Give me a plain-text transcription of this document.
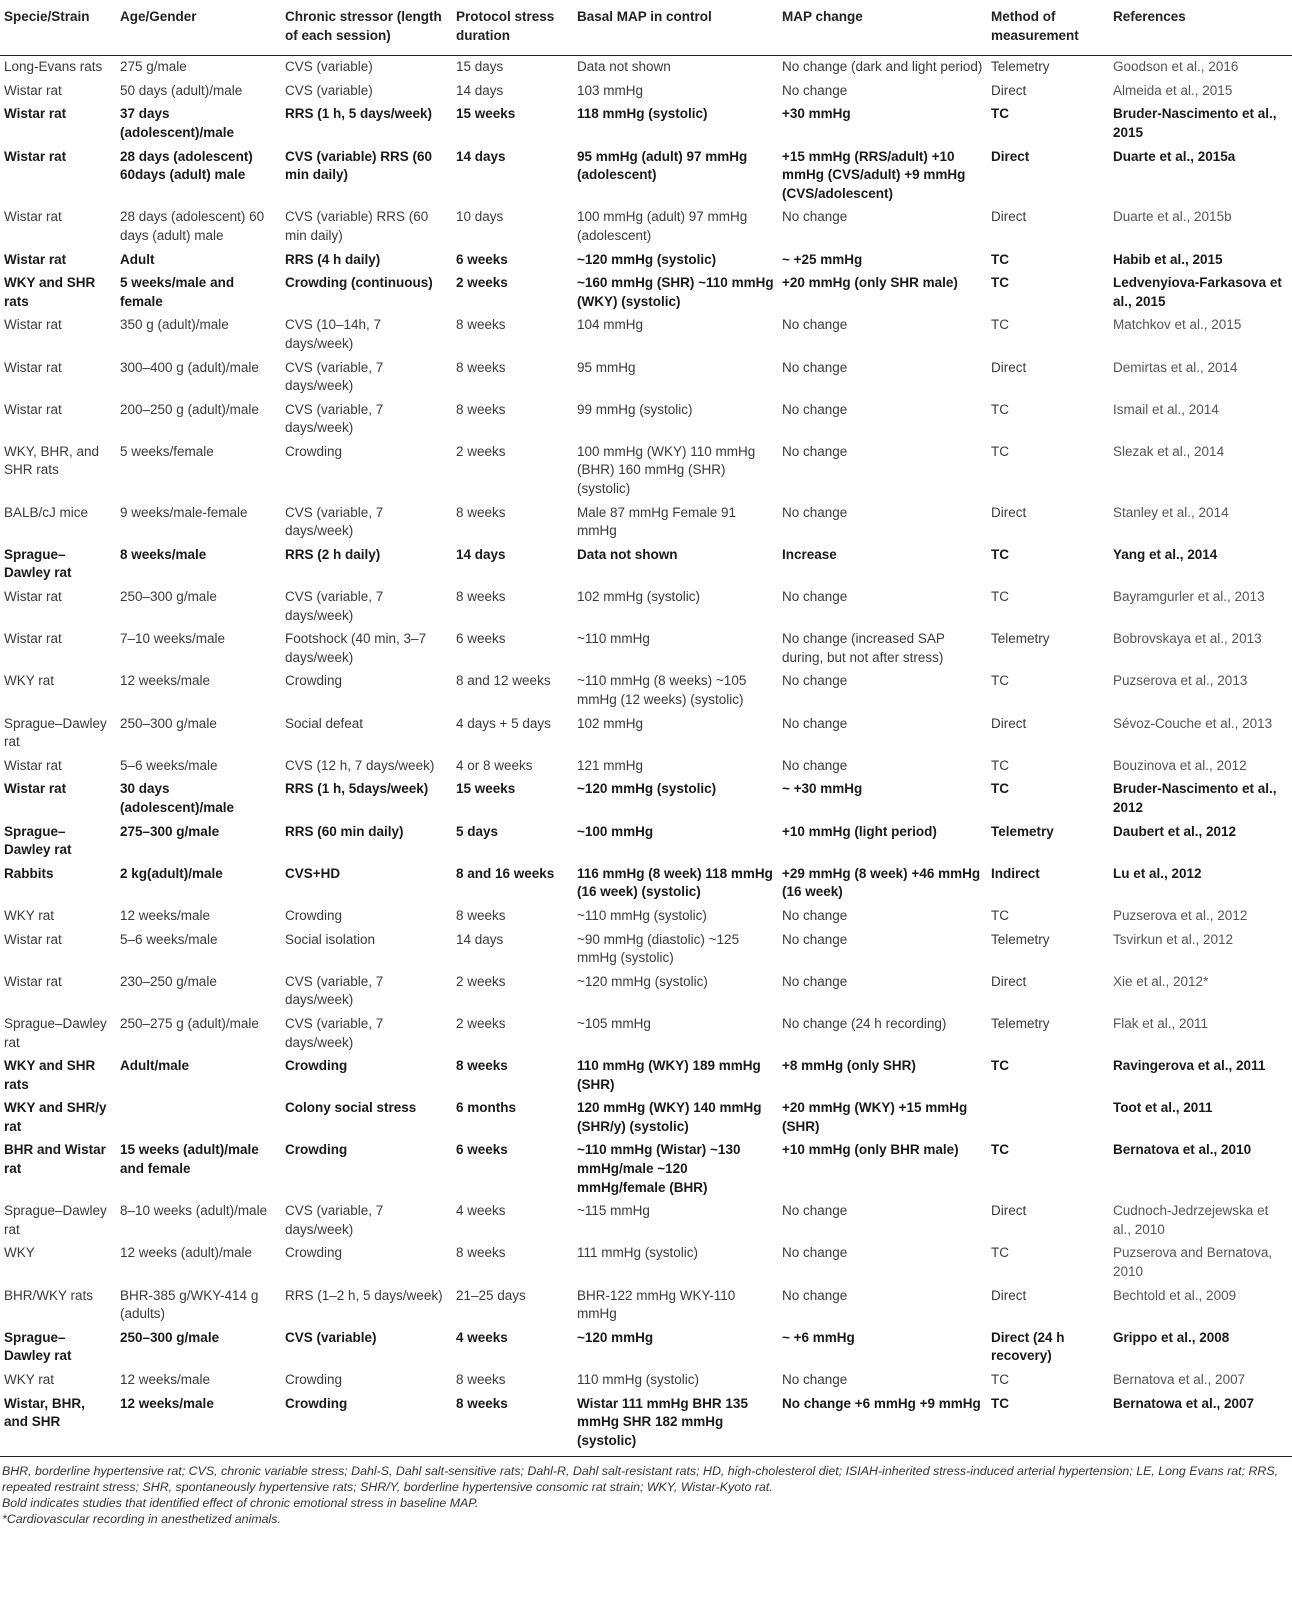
Specie/Strain	Age/Gender	Chronic stressor (length of each session)	Protocol stress duration	Basal MAP in control	MAP change	Method of measurement	References
Long-Evans rats	275 g/male	CVS (variable)	15 days	Data not shown	No change (dark and light period)	Telemetry	Goodson et al., 2016
Wistar rat	50 days (adult)/male	CVS (variable)	14 days	103 mmHg	No change	Direct	Almeida et al., 2015
Wistar rat	37 days (adolescent)/male	RRS (1 h, 5 days/week)	15 weeks	118 mmHg (systolic)	+30 mmHg	TC	Bruder-Nascimento et al., 2015
Wistar rat	28 days (adolescent) 60days (adult) male	CVS (variable) RRS (60 min daily)	14 days	95 mmHg (adult) 97 mmHg (adolescent)	+15 mmHg (RRS/adult) +10 mmHg (CVS/adult) +9 mmHg (CVS/adolescent)	Direct	Duarte et al., 2015a
Wistar rat	28 days (adolescent) 60 days (adult) male	CVS (variable) RRS (60 min daily)	10 days	100 mmHg (adult) 97 mmHg (adolescent)	No change	Direct	Duarte et al., 2015b
Wistar rat	Adult	RRS (4 h daily)	6 weeks	~120 mmHg (systolic)	~ +25 mmHg	TC	Habib et al., 2015
WKY and SHR rats	5 weeks/male and female	Crowding (continuous)	2 weeks	~160 mmHg (SHR) ~110 mmHg (WKY) (systolic)	+20 mmHg (only SHR male)	TC	Ledvenyiova-Farkasova et al., 2015
Wistar rat	350 g (adult)/male	CVS (10–14h, 7 days/week)	8 weeks	104 mmHg	No change	TC	Matchkov et al., 2015
Wistar rat	300–400 g (adult)/male	CVS (variable, 7 days/week)	8 weeks	95 mmHg	No change	Direct	Demirtas et al., 2014
Wistar rat	200–250 g (adult)/male	CVS (variable, 7 days/week)	8 weeks	99 mmHg (systolic)	No change	TC	Ismail et al., 2014
WKY, BHR, and SHR rats	5 weeks/female	Crowding	2 weeks	100 mmHg (WKY) 110 mmHg (BHR) 160 mmHg (SHR) (systolic)	No change	TC	Slezak et al., 2014
BALB/cJ mice	9 weeks/male-female	CVS (variable, 7 days/week)	8 weeks	Male 87 mmHg Female 91 mmHg	No change	Direct	Stanley et al., 2014
Sprague–Dawley rat	8 weeks/male	RRS (2 h daily)	14 days	Data not shown	Increase	TC	Yang et al., 2014
Wistar rat	250–300 g/male	CVS (variable, 7 days/week)	8 weeks	102 mmHg (systolic)	No change	TC	Bayramgurler et al., 2013
Wistar rat	7–10 weeks/male	Footshock (40 min, 3–7 days/week)	6 weeks	~110 mmHg	No change (increased SAP during, but not after stress)	Telemetry	Bobrovskaya et al., 2013
WKY rat	12 weeks/male	Crowding	8 and 12 weeks	~110 mmHg (8 weeks) ~105 mmHg (12 weeks) (systolic)	No change	TC	Puzserova et al., 2013
Sprague–Dawley rat	250–300 g/male	Social defeat	4 days + 5 days	102 mmHg	No change	Direct	Sévoz-Couche et al., 2013
Wistar rat	5–6 weeks/male	CVS (12 h, 7 days/week)	4 or 8 weeks	121 mmHg	No change	TC	Bouzinova et al., 2012
Wistar rat	30 days (adolescent)/male	RRS (1 h, 5days/week)	15 weeks	~120 mmHg (systolic)	~ +30 mmHg	TC	Bruder-Nascimento et al., 2012
Sprague–Dawley rat	275–300 g/male	RRS (60 min daily)	5 days	~100 mmHg	+10 mmHg (light period)	Telemetry	Daubert et al., 2012
Rabbits	2 kg(adult)/male	CVS+HD	8 and 16 weeks	116 mmHg (8 week) 118 mmHg (16 week) (systolic)	+29 mmHg (8 week) +46 mmHg (16 week)	Indirect	Lu et al., 2012
WKY rat	12 weeks/male	Crowding	8 weeks	~110 mmHg (systolic)	No change	TC	Puzserova et al., 2012
Wistar rat	5–6 weeks/male	Social isolation	14 days	~90 mmHg (diastolic) ~125 mmHg (systolic)	No change	Telemetry	Tsvirkun et al., 2012
Wistar rat	230–250 g/male	CVS (variable, 7 days/week)	2 weeks	~120 mmHg (systolic)	No change	Direct	Xie et al., 2012*
Sprague–Dawley rat	250–275 g (adult)/male	CVS (variable, 7 days/week)	2 weeks	~105 mmHg	No change (24 h recording)	Telemetry	Flak et al., 2011
WKY and SHR rats	Adult/male	Crowding	8 weeks	110 mmHg (WKY) 189 mmHg (SHR)	+8 mmHg (only SHR)	TC	Ravingerova et al., 2011
WKY and SHR/y rat		Colony social stress	6 months	120 mmHg (WKY) 140 mmHg (SHR/y) (systolic)	+20 mmHg (WKY) +15 mmHg (SHR)		Toot et al., 2011
BHR and Wistar rat	15 weeks (adult)/male and female	Crowding	6 weeks	~110 mmHg (Wistar) ~130 mmHg/male ~120 mmHg/female (BHR)	+10 mmHg (only BHR male)	TC	Bernatova et al., 2010
Sprague–Dawley rat	8–10 weeks (adult)/male	CVS (variable, 7 days/week)	4 weeks	~115 mmHg	No change	Direct	Cudnoch-Jedrzejewska et al., 2010
WKY	12 weeks (adult)/male	Crowding	8 weeks	111 mmHg (systolic)	No change	TC	Puzserova and Bernatova, 2010
BHR/WKY rats	BHR-385 g/WKY-414 g (adults)	RRS (1–2 h, 5 days/week)	21–25 days	BHR-122 mmHg WKY-110 mmHg	No change	Direct	Bechtold et al., 2009
Sprague–Dawley rat	250–300 g/male	CVS (variable)	4 weeks	~120 mmHg	~ +6 mmHg	Direct (24 h recovery)	Grippo et al., 2008
WKY rat	12 weeks/male	Crowding	8 weeks	110 mmHg (systolic)	No change	TC	Bernatova et al., 2007
Wistar, BHR, and SHR	12 weeks/male	Crowding	8 weeks	Wistar 111 mmHg BHR 135 mmHg SHR 182 mmHg (systolic)	No change +6 mmHg +9 mmHg	TC	Bernatowa et al., 2007

BHR, borderline hypertensive rat; CVS, chronic variable stress; Dahl-S, Dahl salt-sensitive rats; Dahl-R, Dahl salt-resistant rats; HD, high-cholesterol diet; ISIAH-inherited stress-induced arterial hypertension; LE, Long Evans rat; RRS, repeated restraint stress; SHR, spontaneously hypertensive rats; SHR/Y, borderline hypertensive consomic rat strain; WKY, Wistar-Kyoto rat.

Bold indicates studies that identified effect of chronic emotional stress in baseline MAP.

*Cardiovascular recording in anesthetized animals.
